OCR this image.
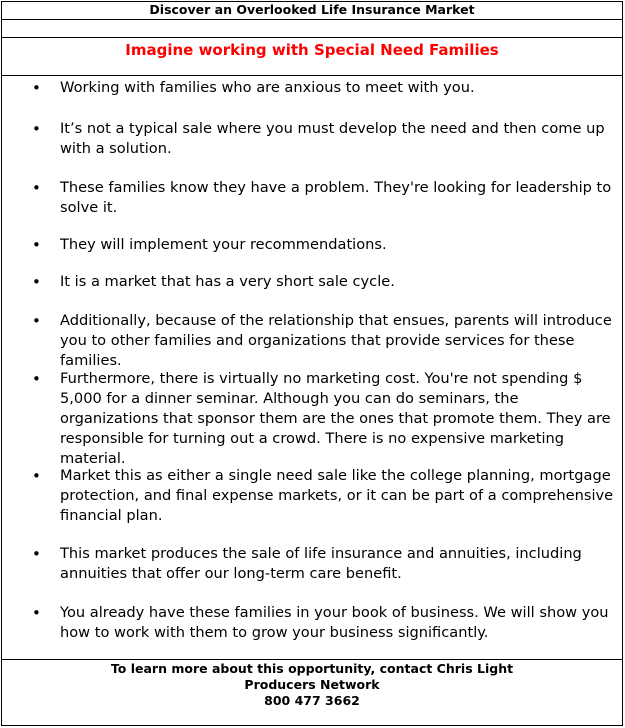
Discover an Overlooked Life Insurance Market
Imagine working with Special Need Families
• Working with families who are anxious to meet with you.
• It’s not a typical sale where you must develop the need and then come up with a solution.
• These families know they have a problem. They're looking for leadership to solve it.
• They will implement your recommendations.
• It is a market that has a very short sale cycle.
• Additionally, because of the relationship that ensues, parents will introduce you to other families and organizations that provide services for these families.
• Furthermore, there is virtually no marketing cost. You're not spending $ 5,000 for a dinner seminar. Although you can do seminars, the organizations that sponsor them are the ones that promote them. They are responsible for turning out a crowd. There is no expensive marketing material.
• Market this as either a single need sale like the college planning, mortgage protection, and final expense markets, or it can be part of a comprehensive financial plan.
• This market produces the sale of life insurance and annuities, including annuities that offer our long-term care benefit.
• You already have these families in your book of business. We will show you how to work with them to grow your business significantly.
To learn more about this opportunity, contact Chris Light
Producers Network
800 477 3662
